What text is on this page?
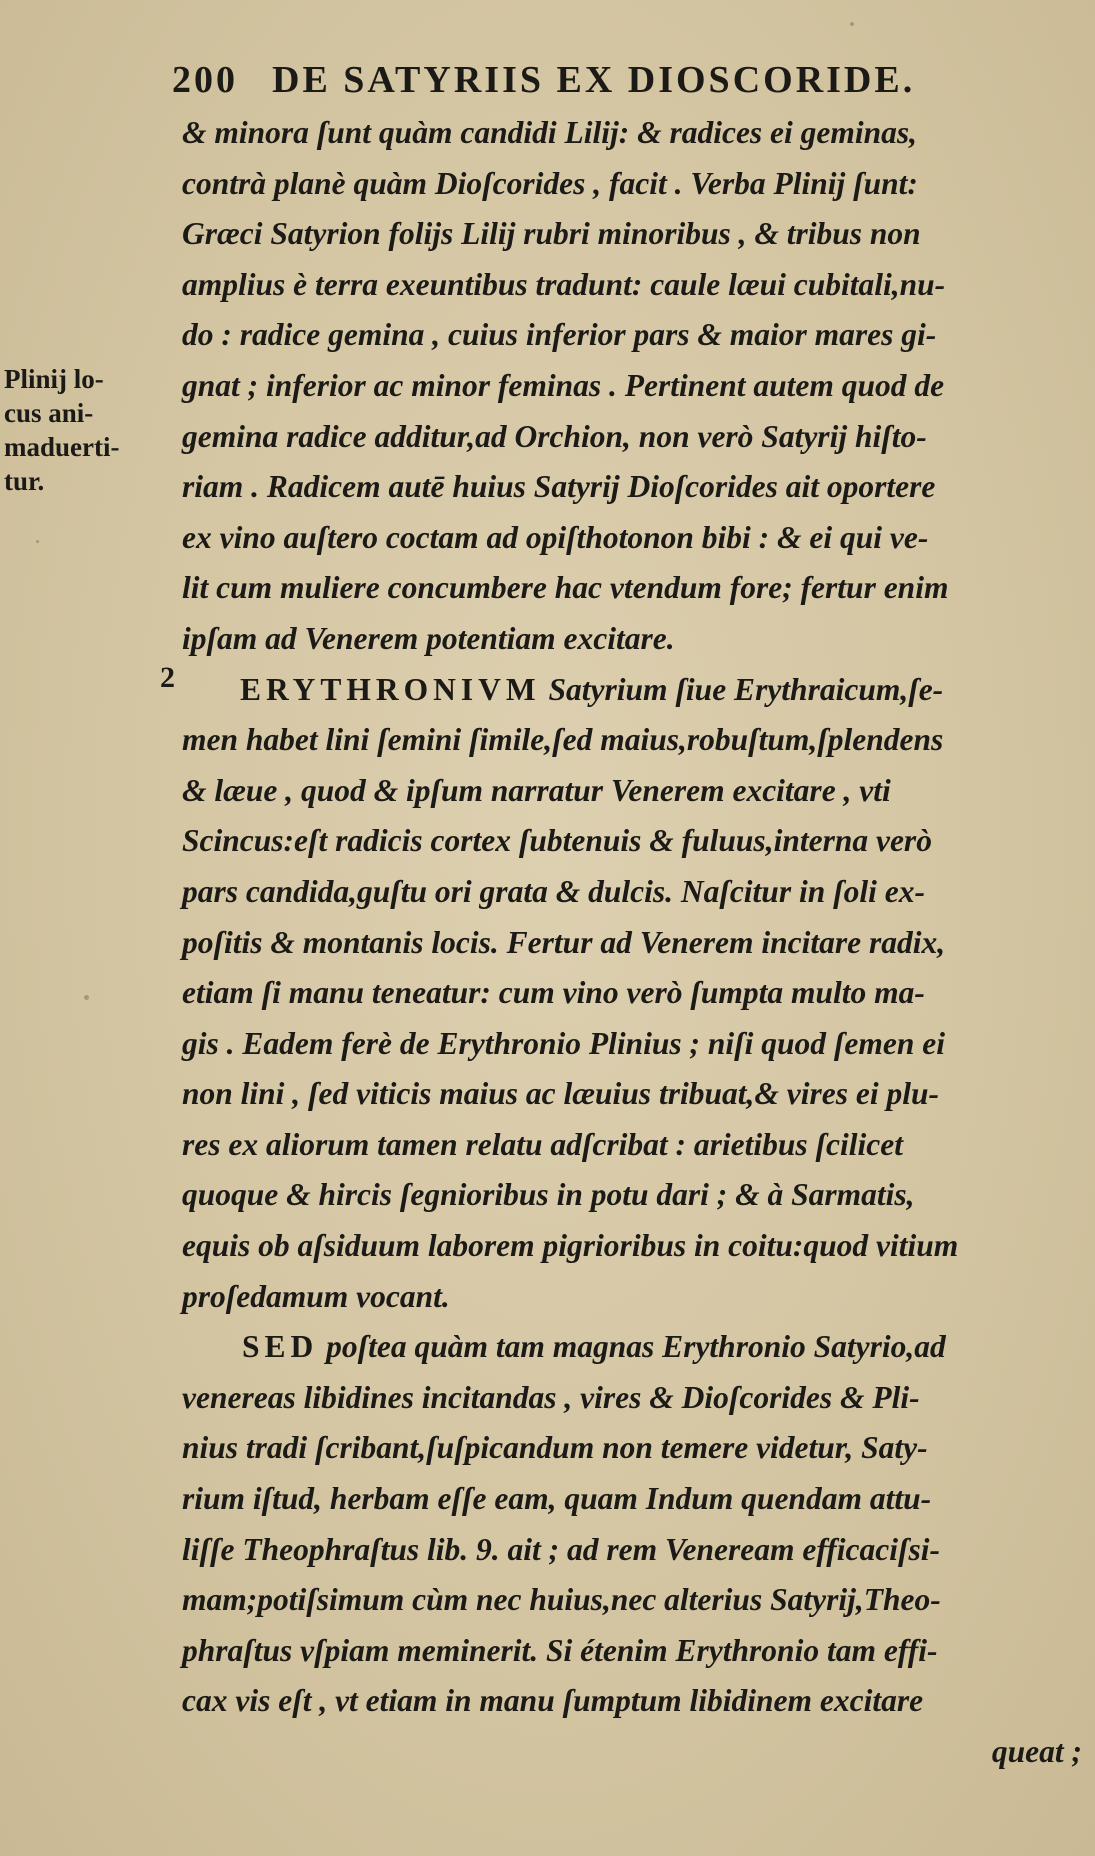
200 DE SATYRIIS EX DIOSCORIDE.
Plinij lo-
cus ani-
maduerti-
tur.
2
& minora ſunt quàm candidi Lilij: & radices ei geminas,
contrà planè quàm Dioſcorides , facit . Verba Plinij ſunt:
Græci Satyrion folijs Lilij rubri minoribus , & tribus non
amplius è terra exeuntibus tradunt: caule læui cubitali,nu-
do : radice gemina , cuius inferior pars & maior mares gi-
gnat ; inferior ac minor feminas . Pertinent autem quod de
gemina radice additur,ad Orchion, non verò Satyrij hiſto-
riam . Radicem autē huius Satyrij Dioſcorides ait oportere
ex vino auſtero coctam ad opiſthotonon bibi : & ei qui ve-
lit cum muliere concumbere hac vtendum fore; fertur enim
ipſam ad Venerem potentiam excitare.
ERYTHRONIVM Satyrium ſiue Erythraicum,ſe-
men habet lini ſemini ſimile,ſed maius,robuſtum,ſplendens
& læue , quod & ipſum narratur Venerem excitare , vti
Scincus:eſt radicis cortex ſubtenuis & fuluus,interna verò
pars candida,guſtu ori grata & dulcis. Naſcitur in ſoli ex-
poſitis & montanis locis. Fertur ad Venerem incitare radix,
etiam ſi manu teneatur: cum vino verò ſumpta multo ma-
gis . Eadem ferè de Erythronio Plinius ; niſi quod ſemen ei
non lini , ſed viticis maius ac læuius tribuat,& vires ei plu-
res ex aliorum tamen relatu adſcribat : arietibus ſcilicet
quoque & hircis ſegnioribus in potu dari ; & à Sarmatis,
equis ob aſsiduum laborem pigrioribus in coitu:quod vitium
proſedamum vocant.
SED poſtea quàm tam magnas Erythronio Satyrio,ad
venereas libidines incitandas , vires & Dioſcorides & Pli-
nius tradi ſcribant,ſuſpicandum non temere videtur, Saty-
rium iſtud, herbam eſſe eam, quam Indum quendam attu-
liſſe Theophraſtus lib. 9. ait ; ad rem Veneream efficaciſsi-
mam;potiſsimum cùm nec huius,nec alterius Satyrij,Theo-
phraſtus vſpiam meminerit. Si étenim Erythronio tam effi-
cax vis eſt , vt etiam in manu ſumptum libidinem excitare
queat ;
